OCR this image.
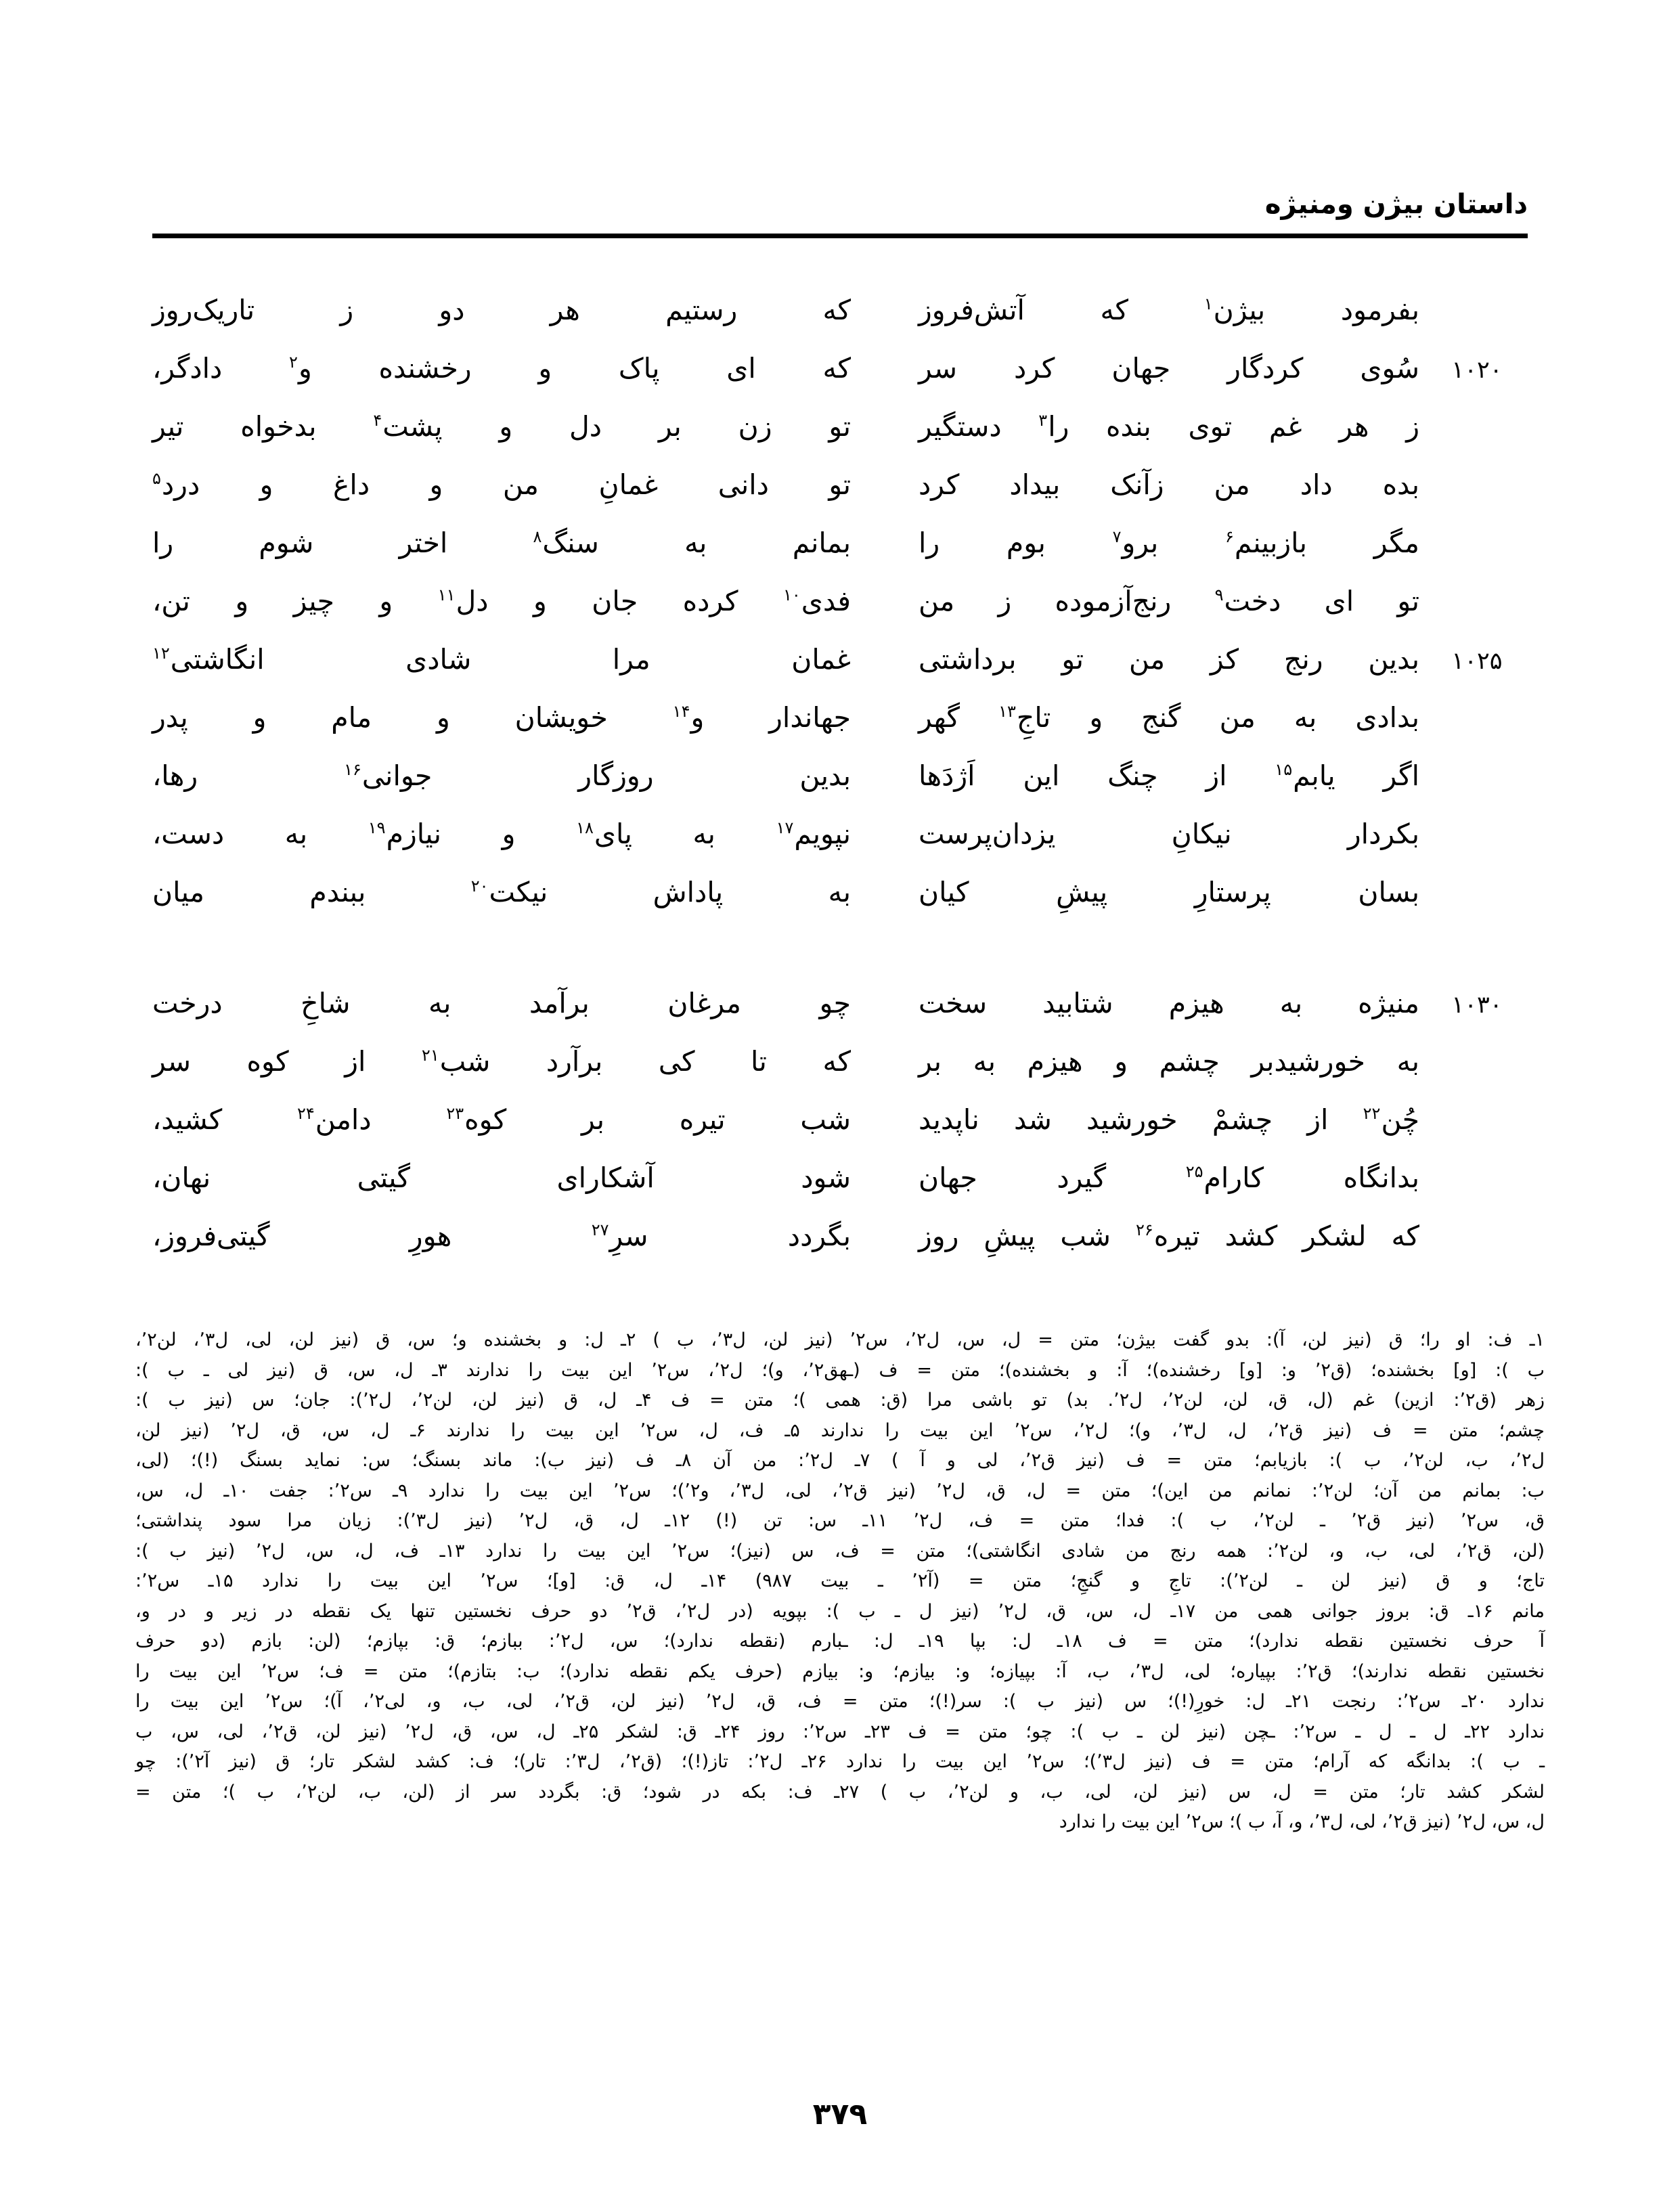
داستان بیژن ومنیژه
بفرمود بیژن$^۱$ که آتش‌فروز
که رستیم هر دو ز تاریک‌روز
۱۰۲۰
سُوی کردگار جهان کرد سر
که ای پاک و رخشنده و$^۲$ دادگر،
ز هر غم توی بنده را$^۳$ دستگیر
تو زن بر دل و پشت$^۴$ بدخواه تیر
بده داد من زآنک بیداد کرد
تو دانی غمانِ من و داغ و درد$^۵$
مگر بازبینم$^۶$ برو$^۷$ بوم را
بمانم به سنگ$^۸$ اختر شوم را
تو ای دخت$^۹$ رنج‌آزموده ز من
فدی$^{۱۰}$ کرده جان و دل$^{۱۱}$ و چیز و تن،
۱۰۲۵
بدین رنج کز من تو برداشتی
غمان مرا شادی انگاشتی$^{۱۲}$
بدادی به من گنج و تاجِ$^{۱۳}$ گهر
جهاندار و$^{۱۴}$ خویشان و مام و پدر
اگر یابم$^{۱۵}$ از چنگ این اَژدَها
بدین روزگار جوانی$^{۱۶}$ رها،
بکردار نیکانِ یزدان‌پرست
نپویم$^{۱۷}$ به پای$^{۱۸}$ و نیازم$^{۱۹}$ به دست،
بسان پرستارِ پیشِ کیان
به پاداش نیکت$^{۲۰}$ ببندم میان
۱۰۳۰
منیژه به هیزم شتابید سخت
چو مرغان برآمد به شاخِ درخت
به خورشیدبر چشم و هیزم به بر
که تا کی برآرد شب$^{۲۱}$ از کوه سر
چُن$^{۲۲}$ از چشمْ خورشید شد ناپدید
شب تیره بر کوه$^{۲۳}$ دامن$^{۲۴}$ کشید،
بدانگاه کارام$^{۲۵}$ گیرد جهان
شود آشکارای گیتی نهان،
که لشکر کشد تیره$^{۲۶}$ شب پیشِ روز
بگردد سرِ$^{۲۷}$ هورِ گیتی‌فروز،

۱ـ ف: او را؛ ق (نیز لن، آ): بدو گفت بیژن؛ متن = ل، س، ل٬۲، س٬۲ (نیز لن، ل٬۳، ب ) ۲ـ ل: و بخشنده و؛ س، ق (نیز لن، لی، ل٬۳، لن٬۲،

ب ): [و] بخشنده؛ (ق٬۲ و: [و] رخشنده)؛ آ: و بخشنده)؛ متن = ف (ـهق٬۲، و)؛ ل٬۲، س٬۲ این بیت را ندارند ۳ـ ل، س، ق (نیز لی ـ ب ):

زهر (ق٬۲: ازین) غم (ل، ق، لن، لن٬۲، ل٬۲. بد) تو باشی مرا (ق: همی )؛ متن = ف ۴ـ ل، ق (نیز لن، لن٬۲، ل٬۲): جان؛ س (نیز ب ):

چشم؛ متن = ف (نیز ق٬۲، ل، ل٬۳، و)؛ ل٬۲، س٬۲ این بیت را ندارند ۵ـ ف، ل، س٬۲ این بیت را ندارند ۶ـ ل، س، ق، ل٬۲ (نیز لن،

ل٬۲، ب، لن٬۲، ب ): بازیابم؛ متن = ف (نیز ق٬۲، لی و آ ) ۷ـ ل٬۲: من آن ۸ـ ف (نیز ب): ماند بسنگ؛ س: نماید بسنگ (!)؛ (لی،

ب: بمانم من آن؛ لن٬۲: نمانم من این)؛ متن = ل، ق، ل٬۲ (نیز ق٬۲، لی، ل٬۳، و٬۲)؛ س٬۲ این بیت را ندارد ۹ـ س٬۲: جفت ۱۰ـ ل، س،

ق، س٬۲ (نیز ق٬۲ ـ لن٬۲، ب ): فدا؛ متن = ف، ل٬۲ ۱۱ـ س: تن (!) ۱۲ـ ل، ق، ل٬۲ (نیز ل٬۳): زیان مرا سود پنداشتی؛

(لن، ق٬۲، لی، ب، و، لن٬۲: همه رنج من شادی انگاشتی)؛ متن = ف، س (نیز)؛ س٬۲ این بیت را ندارد ۱۳ـ ف، ل، س، ل٬۲ (نیز ب ):

تاج؛ و ق (نیز لن ـ لن٬۲): تاجِ و گنجِ؛ متن = (آ٬۲ ـ بیت ۹۸۷) ۱۴ـ ل، ق: [و]؛ س٬۲ این بیت را ندارد ۱۵ـ س٬۲:

مانم ۱۶ـ ق: بروز جوانی همی من ۱۷ـ ل، س، ق، ل٬۲ (نیز ل ـ ب ): بپویه (در ل٬۲، ق٬۲ دو حرف نخستین تنها یک نقطه در زیر و در و،

آ حرف نخستین نقطه ندارد)؛ متن = ف ۱۸ـ ل: بپا ۱۹ـ ل: ـبارم (نقطه ندارد)؛ س، ل٬۲: ببازم؛ ق: بپازم؛ (لن: بازم (دو حرف

نخستین نقطه ندارند)؛ ق٬۲: بپیاره؛ لی، ل٬۳، ب، آ: بپیازه؛ و: بیازم؛ و: بیازم (حرف یکم نقطه ندارد)؛ ب: بتازم)؛ متن = ف؛ س٬۲ این بیت را

ندارد ۲۰ـ س٬۲: رنجت ۲۱ـ ل: خورِ(!)؛ س (نیز ب ): سر(!)؛ متن = ف، ق، ل٬۲ (نیز لن، ق٬۲، لی، ب، و، لی٬۲، آ)؛ س٬۲ این بیت را

ندارد ۲۲ـ ل ـ ل ـ س٬۲: ـچن (نیز لن ـ ب ): چو؛ متن = ف ۲۳ـ س٬۲: روز ۲۴ـ ق: لشکر ۲۵ـ ل، س، ق، ل٬۲ (نیز لن، ق٬۲، لی، س، ب

ـ ب ): بدانگه که آرام؛ متن = ف (نیز ل٬۳)؛ س٬۲ این بیت را ندارد ۲۶ـ ل٬۲: تاز(!)؛ (ق٬۲، ل٬۳: تار)؛ ف: کشد لشکر تار؛ ق (نیز آ٬۲): چو

لشکر کشد تار؛ متن = ل، س (نیز لن، لی، ب، و لن٬۲، ب ) ۲۷ـ ف: بکه در شود؛ ق: بگردد سر از (لن، ب، لن٬۲، ب )؛ متن =

ل، س، ل٬۲ (نیز ق٬۲، لی، ل٬۳، و، آ، ب )؛ س٬۲ این بیت را ندارد

۳۷۹
